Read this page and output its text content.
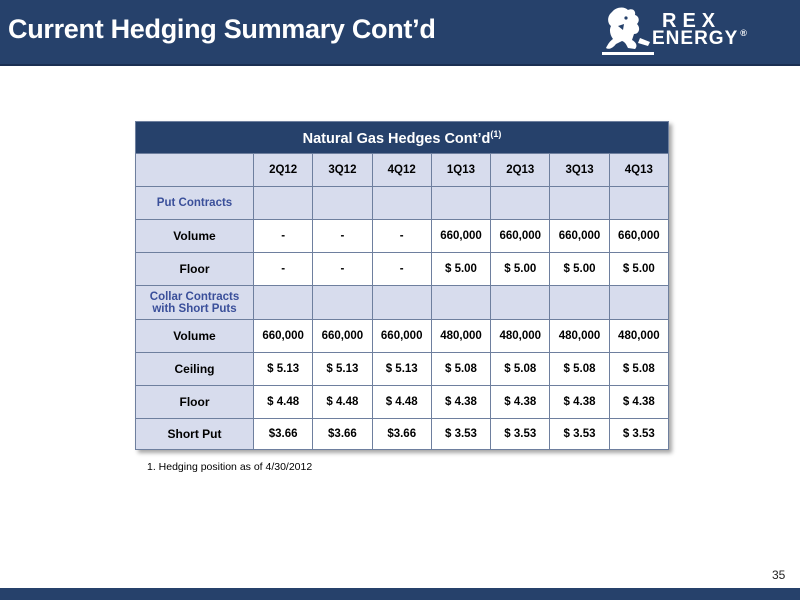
Current Hedging Summary Cont’d	REX
ENERGY ®
Natural Gas Hedges $Cont’d^{(1)}$
	2Q12	3Q12	4Q12	1Q13	2Q13	3Q13	4Q13
Put Contracts							
Volume	-	-	-	660,000	660,000	660,000	660,000
Floor	-	-	-	$ 5.00	$ 5.00	$ 5.00	$ 5.00
Collar Contracts
with Short Puts							
Volume	660,000	660,000	660,000	480,000	480,000	480,000	480,000
Ceiling	$ 5.13	$ 5.13	$ 5.13	$ 5.08	$ 5.08	$ 5.08	$ 5.08
Floor	$ 4.48	$ 4.48	$ 4.48	$ 4.38	$ 4.38	$ 4.38	$ 4.38
Short Put	$3.66	$3.66	$3.66	$ 3.53	$ 3.53	$ 3.53	$ 3.53
1. Hedging position as of 4/30/2012
35
